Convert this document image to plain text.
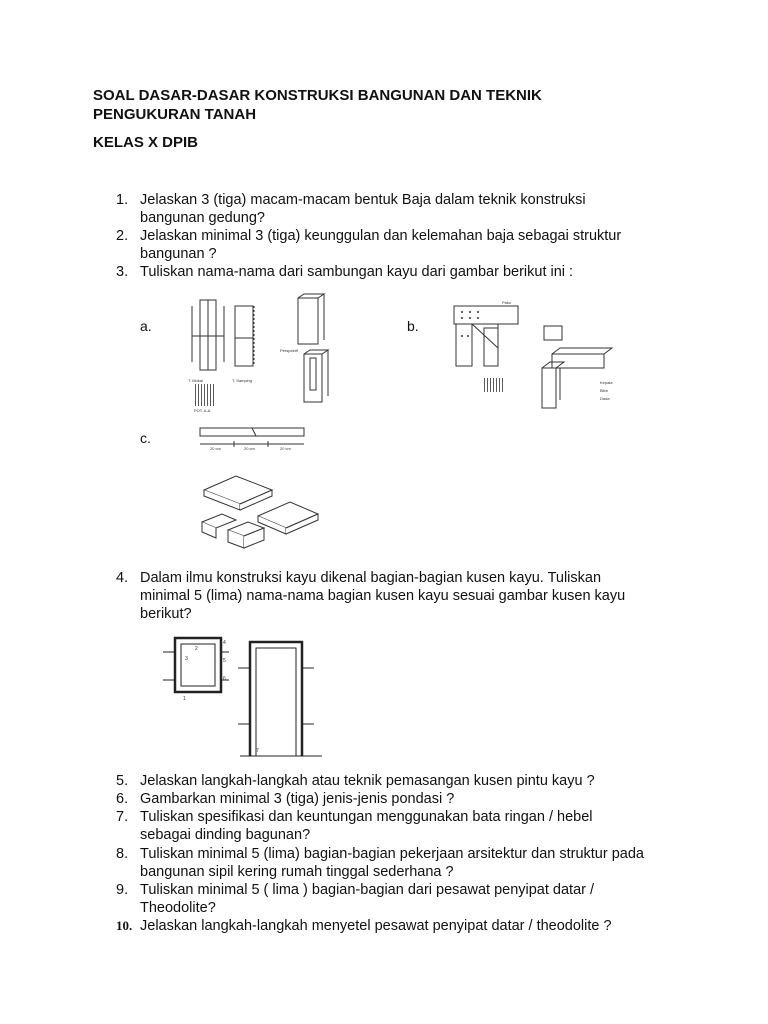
SOAL DASAR-DASAR KONSTRUKSI BANGUNAN DAN TEKNIK PENGUKURAN TANAH
KELAS X DPIB
1. Jelaskan 3 (tiga) macam-macam bentuk Baja dalam teknik konstruksi bangunan gedung?
2. Jelaskan minimal 3 (tiga) keunggulan dan kelemahan baja sebagai struktur bangunan ?
3. Tuliskan nama-nama dari sambungan kayu dari gambar berikut ini :
a.	b.
c.
T. Mukal	T. Samping
Perspektif
POT. A-A
Paku
Kepala
Bibir
Dada
20 cm	20 cm	20 cm
4. Dalam ilmu konstruksi kayu dikenal bagian-bagian kusen kayu. Tuliskan minimal 5 (lima) nama-nama bagian kusen kayu sesuai gambar kusen kayu berikut?
4
2
3	5
6
1
7
5. Jelaskan langkah-langkah atau teknik pemasangan kusen pintu kayu ?
6. Gambarkan minimal 3 (tiga) jenis-jenis pondasi ?
7. Tuliskan spesifikasi dan keuntungan menggunakan bata ringan / hebel sebagai dinding bagunan?
8. Tuliskan minimal 5 (lima) bagian-bagian pekerjaan arsitektur dan struktur pada bangunan sipil kering rumah tinggal sederhana ?
9. Tuliskan minimal 5 ( lima ) bagian-bagian dari pesawat penyipat datar / Theodolite?
10. Jelaskan langkah-langkah menyetel pesawat penyipat datar / theodolite ?
